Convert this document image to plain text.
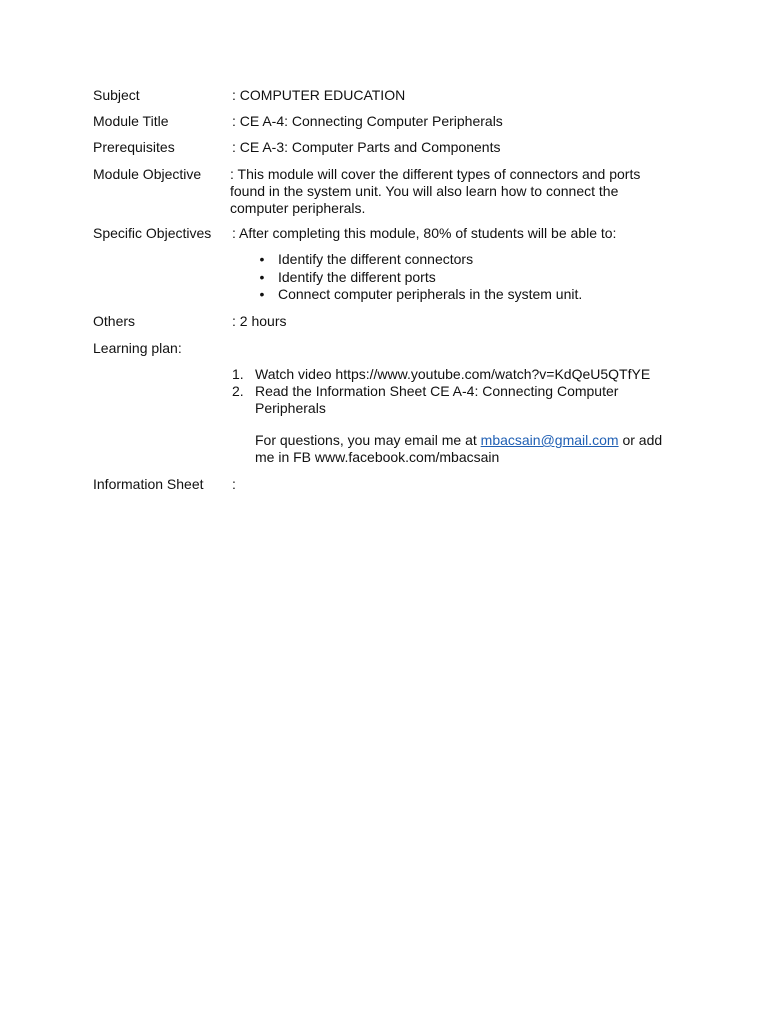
Subject	: COMPUTER EDUCATION
Module Title	: CE A-4: Connecting Computer Peripherals
Prerequisites	: CE A-3: Computer Parts and Components
Module Objective : This module will cover the different types of connectors and ports found in the system unit. You will also learn how to connect the computer peripherals.
Specific Objectives : After completing this module, 80% of students will be able to:
• Identify the different connectors
• Identify the different ports
• Connect computer peripherals in the system unit.
Others	: 2 hours
Learning plan:
1. Watch video https://www.youtube.com/watch?v=KdQeU5QTfYE
2. Read the Information Sheet CE A-4: Connecting Computer Peripherals
For questions, you may email me at mbacsain@gmail.com or add me in FB www.facebook.com/mbacsain
Information Sheet :
